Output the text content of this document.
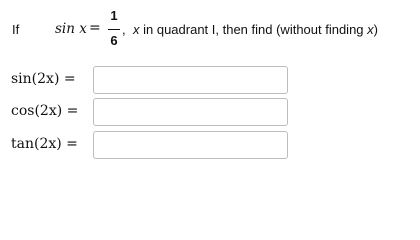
If	sin x =
1
6
, x in quadrant I, then find (without finding x)
sin(2x) =
cos(2x) =
tan(2x) =
